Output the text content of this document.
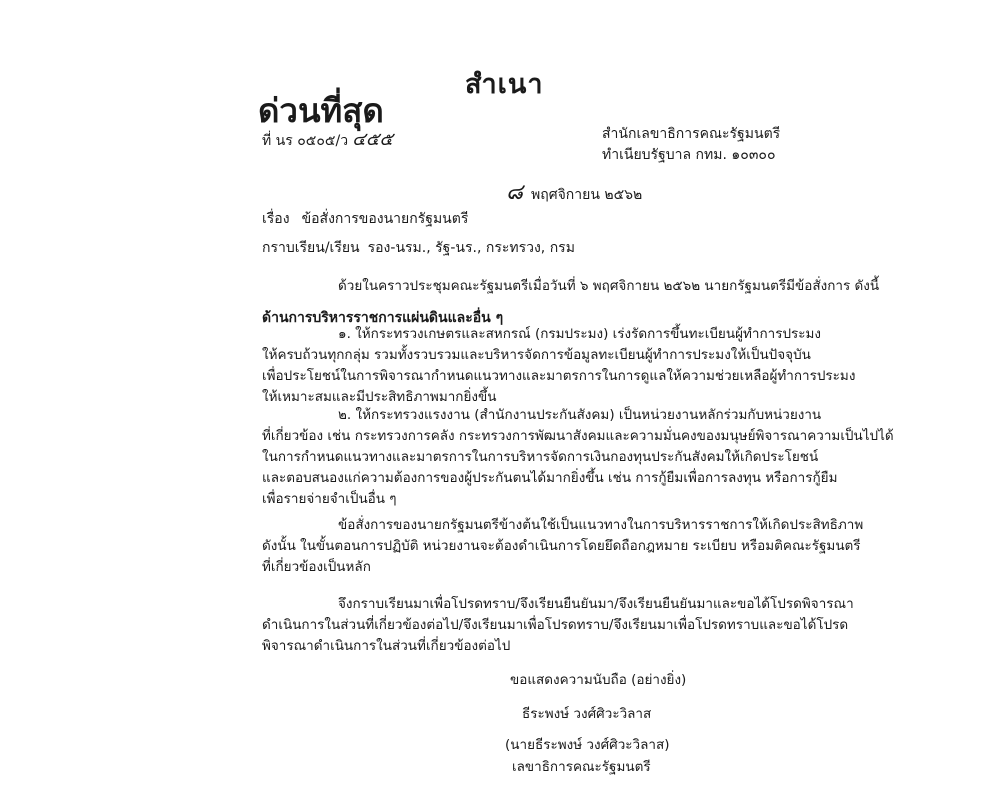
สำเนา
ด่วนที่สุด
ที่ นร ๐๕๐๕/ว ๔๕๕	สำนักเลขาธิการคณะรัฐมนตรี
ทำเนียบรัฐบาล กทม. ๑๐๓๐๐
๘ พฤศจิกายน ๒๕๖๒
เรื่อง ข้อสั่งการของนายกรัฐมนตรี
กราบเรียน/เรียน รอง-นรม., รัฐ-นร., กระทรวง, กรม
ด้วยในคราวประชุมคณะรัฐมนตรีเมื่อวันที่ ๖ พฤศจิกายน ๒๕๖๒ นายกรัฐมนตรีมีข้อสั่งการ ดังนี้
ด้านการบริหารราชการแผ่นดินและอื่น ๆ
๑. ให้กระทรวงเกษตรและสหกรณ์ (กรมประมง) เร่งรัดการขึ้นทะเบียนผู้ทำการประมง
ให้ครบถ้วนทุกกลุ่ม รวมทั้งรวบรวมและบริหารจัดการข้อมูลทะเบียนผู้ทำการประมงให้เป็นปัจจุบัน
เพื่อประโยชน์ในการพิจารณากำหนดแนวทางและมาตรการในการดูแลให้ความช่วยเหลือผู้ทำการประมง
ให้เหมาะสมและมีประสิทธิภาพมากยิ่งขึ้น
๒. ให้กระทรวงแรงงาน (สำนักงานประกันสังคม) เป็นหน่วยงานหลักร่วมกับหน่วยงาน
ที่เกี่ยวข้อง เช่น กระทรวงการคลัง กระทรวงการพัฒนาสังคมและความมั่นคงของมนุษย์พิจารณาความเป็นไปได้
ในการกำหนดแนวทางและมาตรการในการบริหารจัดการเงินกองทุนประกันสังคมให้เกิดประโยชน์
และตอบสนองแก่ความต้องการของผู้ประกันตนได้มากยิ่งขึ้น เช่น การกู้ยืมเพื่อการลงทุน หรือการกู้ยืม
เพื่อรายจ่ายจำเป็นอื่น ๆ
ข้อสั่งการของนายกรัฐมนตรีข้างต้นใช้เป็นแนวทางในการบริหารราชการให้เกิดประสิทธิภาพ
ดังนั้น ในขั้นตอนการปฏิบัติ หน่วยงานจะต้องดำเนินการโดยยึดถือกฎหมาย ระเบียบ หรือมติคณะรัฐมนตรี
ที่เกี่ยวข้องเป็นหลัก
จึงกราบเรียนมาเพื่อโปรดทราบ/จึงเรียนยืนยันมา/จึงเรียนยืนยันมาและขอได้โปรดพิจารณา
ดำเนินการในส่วนที่เกี่ยวข้องต่อไป/จึงเรียนมาเพื่อโปรดทราบ/จึงเรียนมาเพื่อโปรดทราบและขอได้โปรด
พิจารณาดำเนินการในส่วนที่เกี่ยวข้องต่อไป
ขอแสดงความนับถือ (อย่างยิ่ง)
ธีระพงษ์ วงศ์ศิวะวิลาส
(นายธีระพงษ์ วงศ์ศิวะวิลาส)
เลขาธิการคณะรัฐมนตรี
